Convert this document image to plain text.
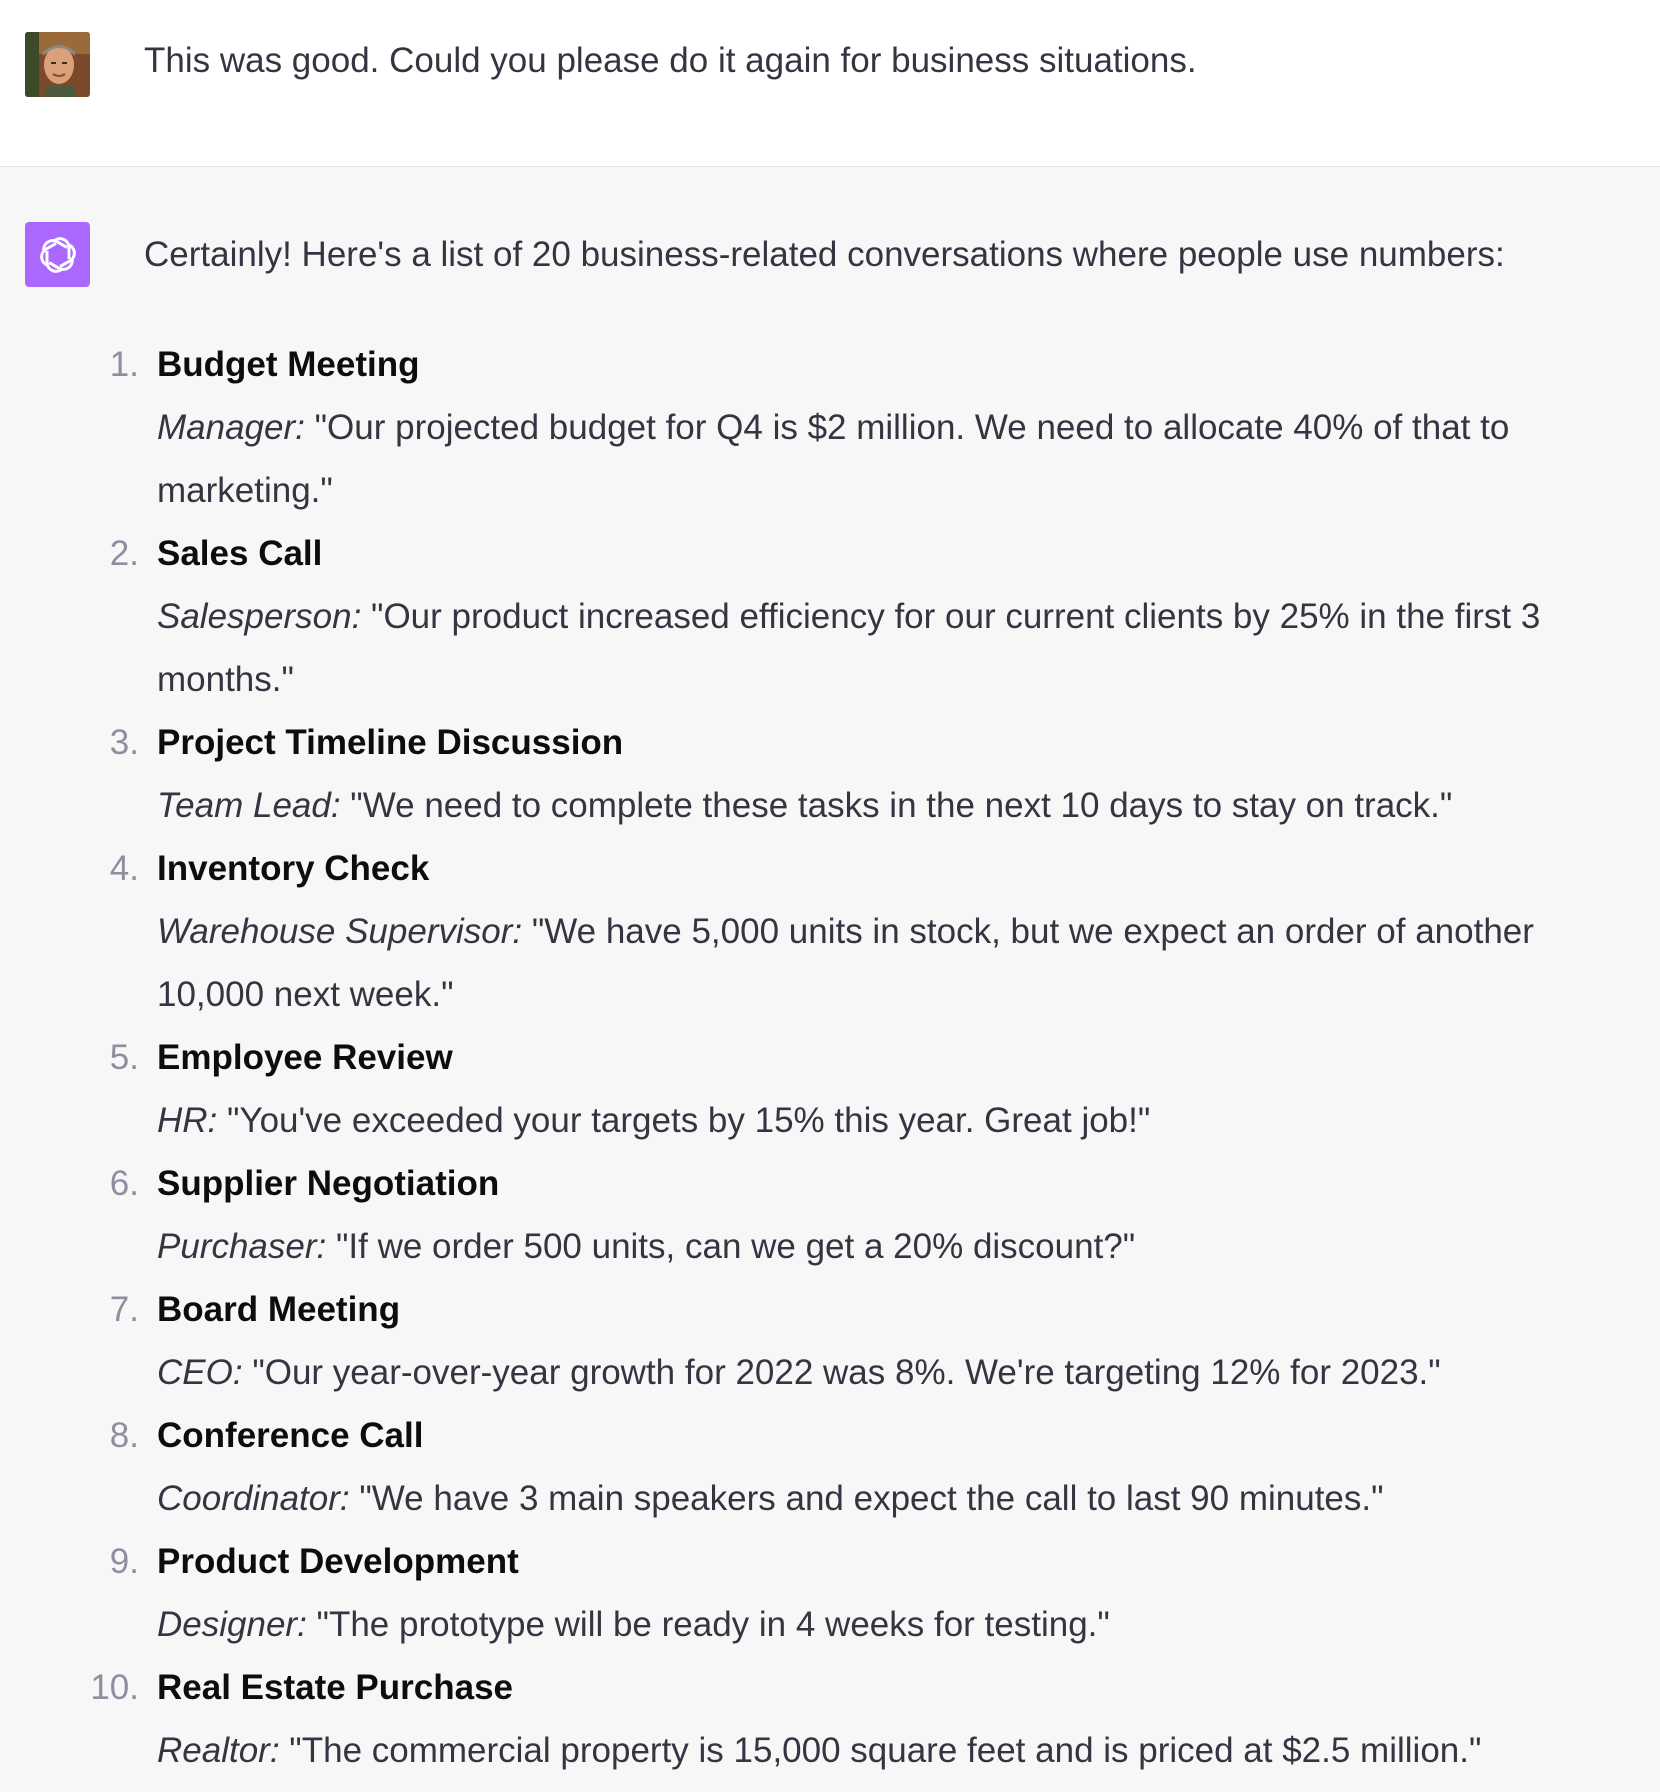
This was good. Could you please do it again for business situations.
Certainly! Here's a list of 20 business-related conversations where people use numbers:
1. Budget Meeting
Manager: "Our projected budget for Q4 is $2 million. We need to allocate 40% of that to marketing."
2. Sales Call
Salesperson: "Our product increased efficiency for our current clients by 25% in the first 3 months."
3. Project Timeline Discussion
Team Lead: "We need to complete these tasks in the next 10 days to stay on track."
4. Inventory Check
Warehouse Supervisor: "We have 5,000 units in stock, but we expect an order of another 10,000 next week."
5. Employee Review
HR: "You've exceeded your targets by 15% this year. Great job!"
6. Supplier Negotiation
Purchaser: "If we order 500 units, can we get a 20% discount?"
7. Board Meeting
CEO: "Our year-over-year growth for 2022 was 8%. We're targeting 12% for 2023."
8. Conference Call
Coordinator: "We have 3 main speakers and expect the call to last 90 minutes."
9. Product Development
Designer: "The prototype will be ready in 4 weeks for testing."
10. Real Estate Purchase
Realtor: "The commercial property is 15,000 square feet and is priced at $2.5 million."
